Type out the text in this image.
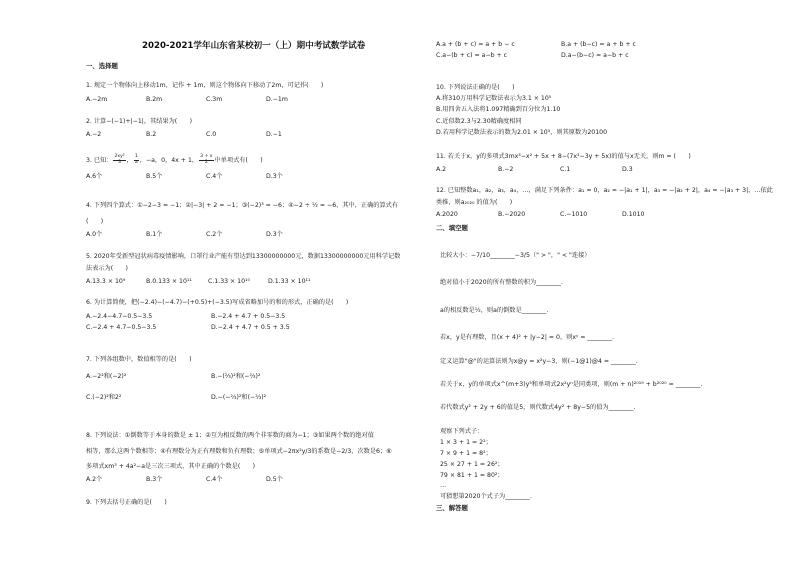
2020-2021学年山东省某校初一（上）期中考试数学试卷
一、选择题
1. 规定一个物体向上移动1m，记作 + 1m，则这个物体向下移动了2m，可记作(　　)
A.−2m	B.2m	C.3m	D.−1m
2. 计算−(−1)+|−1|，其结果为(　　)
A.−2	B.2	C.0	D.−1
3. 已知： $\frac{\text{2xy²}}{3}$ ， $\frac{1}{a}$ ，−a，0，4x + 1， $\frac{3 + x}{2}$ 中单项式有(　　)
A.6个	B.5个	C.4个	D.3个
4. 下列四个算式：①−2−3 = −1；②|−3| + 2 = −1；③(−2)³ = −6；④−2 ÷ ½ = −6，其中，正确的算式有
(　　)
A.0个	B.1个	C.2个	D.3个
5. 2020年受新型冠状病毒疫情影响，口罩行业产能有望达到13300000000元，数据13300000000元用科学记数
法表示为(　　)
A.13.3 × 10⁹	B.0.133 × 10¹¹	C.1.33 × 10¹⁰	D.1.33 × 10¹¹
6. 为计算简便，把(−2.4)−(−4.7)−(+0.5)+(−3.5)写成省略加号的和的形式，正确的是(　　)
A.−2.4−4.7−0.5−3.5	B.−2.4 + 4.7 + 0.5−3.5
C.−2.4 + 4.7−0.5−3.5	D.−2.4 + 4.7 + 0.5 + 3.5
7. 下列各组数中，数值相等的是(　　)
A.−2²和(−2)²	B.−(⅔)²和(−⅔)²
C.(−2)²和2²	D.−(−⅔)²和(−⅔)²
8. 下列说法：①倒数等于本身的数是 ± 1；②互为相反数的两个非零数的商为−1；③如果两个数的绝对值
相等，那么这两个数相等；④有理数分为正有理数和负有理数；⑤单项式−2πx²y/3的系数是−2/3，次数是6；⑥
多项式xm³ + 4a²−a是三次三项式，其中正确的个数是(　　)
A.2个	B.3个	C.4个	D.5个
9. 下列去括号正确的是(　　)
A.a + (b + c) = a + b − c	B.a + (b−c) = a + b + c
C.a−(b + c) = a−b + c	D.a−(b−c) = a−b + c
10. 下列说法正确的是(　　)
A.将310万用科学记数法表示为3.1 × 10⁵
B.用四舍五入法将1.097精确到百分位为1.10
C.近似数2.3与2.30精确度相同
D.若用科学记数法表示的数为2.01 × 10⁵，则其原数为20100
11. 若关于x，y的多项式3mx³−x² + 5x + 8−(7x³−3y + 5x)的值与x无关，则m = (　　)
A.2	B.−2	C.1	D.3
12. 已知整数a₁，a₂，a₃，a₄，…，满足下列条件：a₁ = 0，a₂ = −|a₁ + 1|，a₃ = −|a₂ + 2|，a₄ = −|a₃ + 3|，…依此
类推，则a₂₀₂₀ 的值为(　　)
A.2020	B.−2020	C.−1010	D.1010
二、填空题
比较大小：−7/10________−3/5（" > "，" < "连接）
绝对值小于2020的所有整数的积为________.
a的相反数是½，则a的倒数是________.
若x，y是有理数，且(x + 4)² + |y−2| = 0，则xʸ = ________.
定义运算"@"的运算法则为x@y = x²y−3，则(−1@1)@4 = ________.
若关于x，y的单项式x^(m+3)y³和单项式2x²yⁿ是同类项，则(m + n)²⁰¹⁹ + b²⁰²⁰ = ________.
若代数式y² + 2y + 6的值是5，则代数式4y² + 8y−5的值为________.
观察下列式子：
1 × 3 + 1 = 2²；
7 × 9 + 1 = 8²；
25 × 27 + 1 = 26²；
79 × 81 + 1 = 80²；
…
可猜想第2020个式子为________.
三、解答题
